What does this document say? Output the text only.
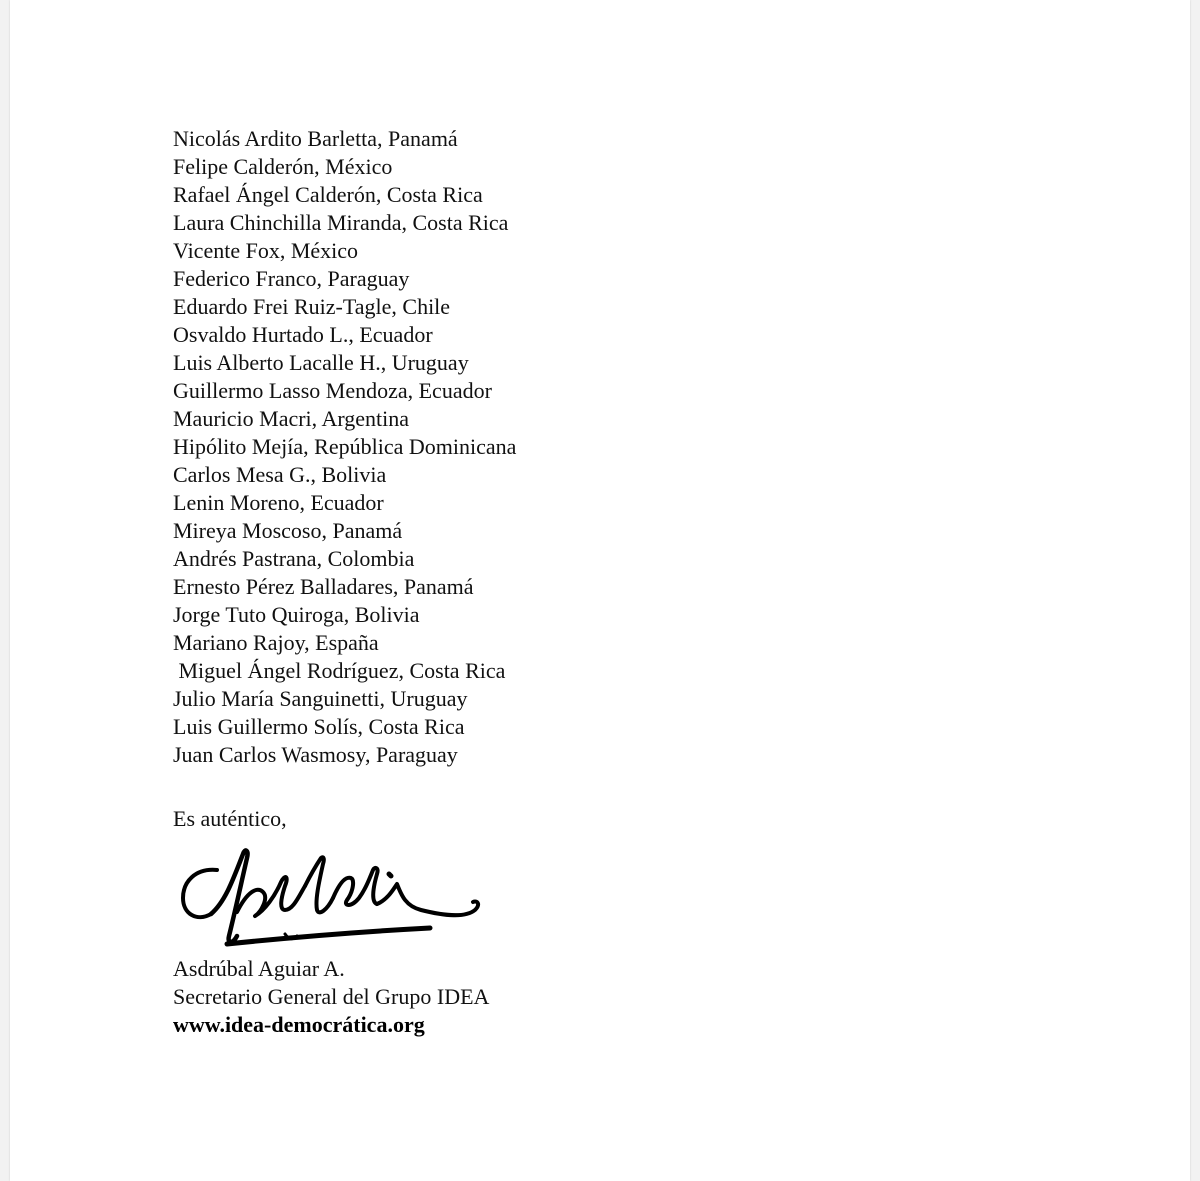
Nicolás Ardito Barletta, Panamá
Felipe Calderón, México
Rafael Ángel Calderón, Costa Rica
Laura Chinchilla Miranda, Costa Rica
Vicente Fox, México
Federico Franco, Paraguay
Eduardo Frei Ruiz-Tagle, Chile
Osvaldo Hurtado L., Ecuador
Luis Alberto Lacalle H., Uruguay
Guillermo Lasso Mendoza, Ecuador
Mauricio Macri, Argentina
Hipólito Mejía, República Dominicana
Carlos Mesa G., Bolivia
Lenin Moreno, Ecuador
Mireya Moscoso, Panamá
Andrés Pastrana, Colombia
Ernesto Pérez Balladares, Panamá
Jorge Tuto Quiroga, Bolivia
Mariano Rajoy, España
Miguel Ángel Rodríguez, Costa Rica
Julio María Sanguinetti, Uruguay
Luis Guillermo Solís, Costa Rica
Juan Carlos Wasmosy, Paraguay
Es auténtico,
Asdrúbal Aguiar A.
Secretario General del Grupo IDEA
www.idea-democrática.org
